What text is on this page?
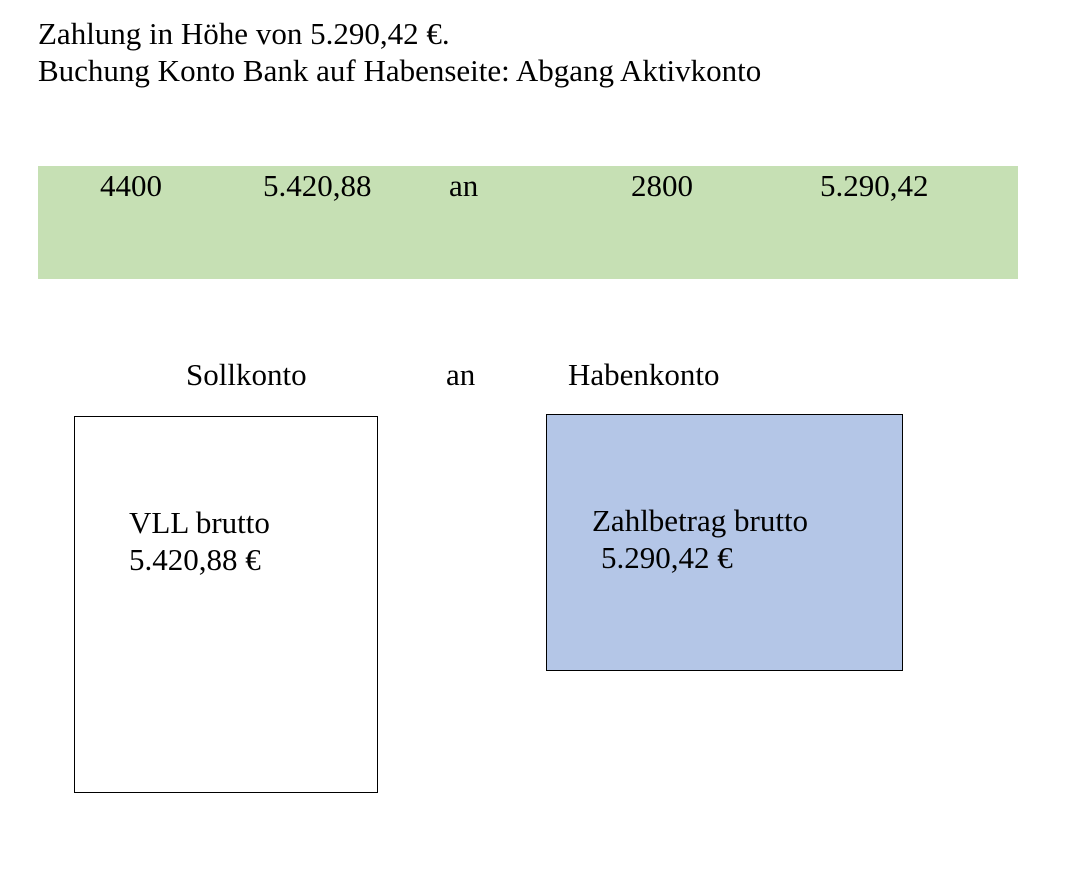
Zahlung in Höhe von 5.290,42 €.
Buchung Konto Bank auf Habenseite: Abgang Aktivkonto
4400	5.420,88	an	2800	5.290,42
Sollkonto	an	Habenkonto
VLL brutto
5.420,88 €
Zahlbetrag brutto
5.290,42 €
